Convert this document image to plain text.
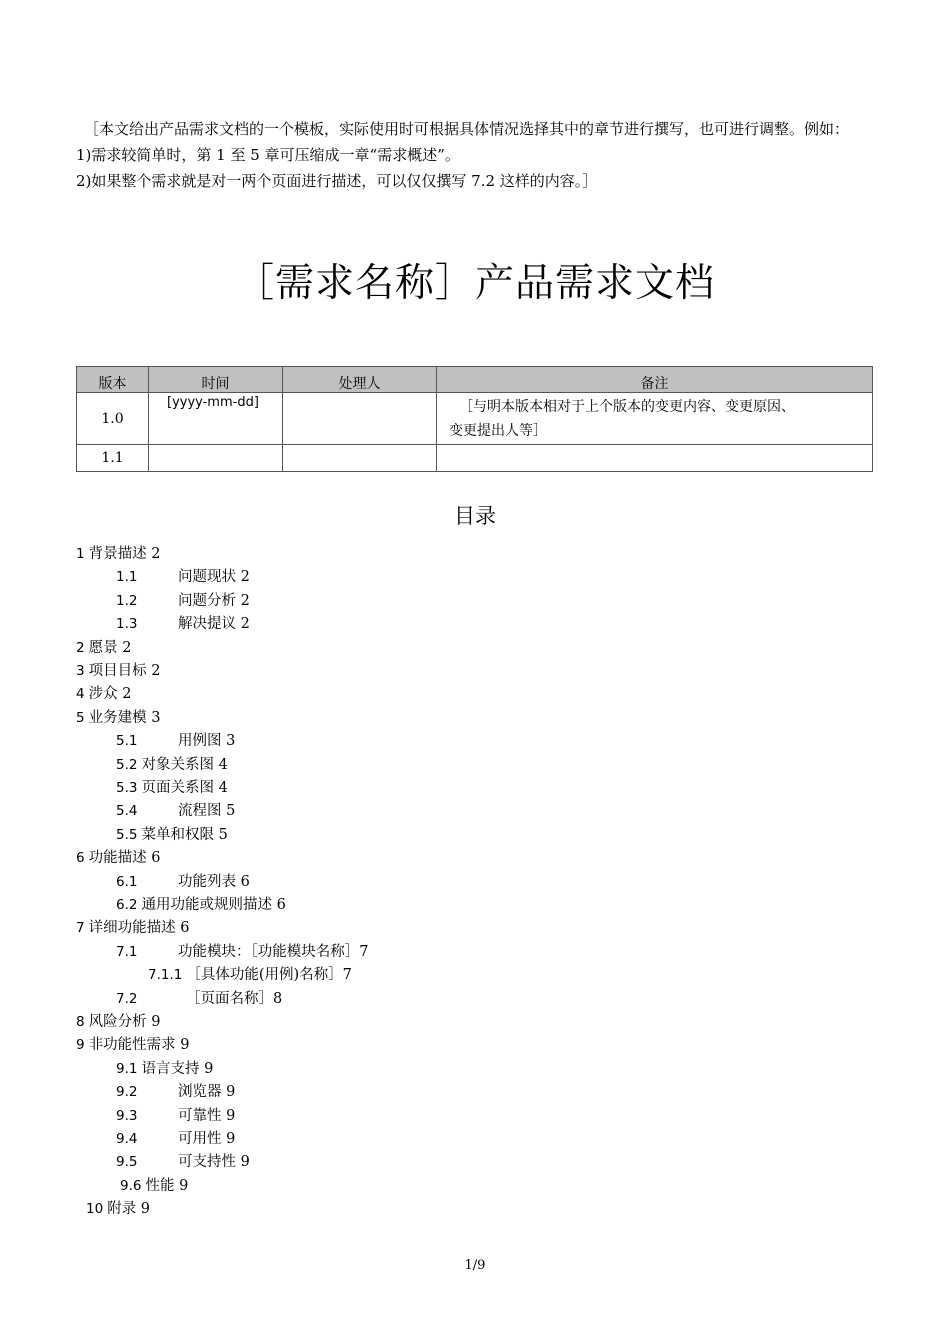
［本文给出产品需求文档的一个模板，实际使用时可根据具体情况选择其中的章节进行撰写，也可进行调整。例如：

1)需求较简单时，第 1 至 5 章可压缩成一章“需求概述”。

2)如果整个需求就是对一两个页面进行描述，可以仅仅撰写 7.2 这样的内容。］

［需求名称］产品需求文档
版本	时间	处理人	备注
1.0	[yyyy-mm-dd]		［与明本版本相对于上个版本的变更内容、变更原因、
变更提出人等］

1.1			
目录
1 背景描述 2
1.1	问题现状 2
1.2	问题分析 2
1.3	解决提议 2
2 愿景 2
3 项目目标 2
4 涉众 2
5 业务建模 3
5.1	用例图 3
5.2 对象关系图 4
5.3 页面关系图 4
5.4	流程图 5
5.5 菜单和权限 5
6 功能描述 6
6.1	功能列表 6
6.2 通用功能或规则描述 6
7 详细功能描述 6
7.1	功能模块：［功能模块名称］7
7.1.1 ［具体功能(用例)名称］7
7.2	［页面名称］8
8 风险分析 9
9 非功能性需求 9
9.1 语言支持 9
9.2	浏览器 9
9.3	可靠性 9
9.4	可用性 9
9.5	可支持性 9
9.6 性能 9
10 附录 9
1/9
